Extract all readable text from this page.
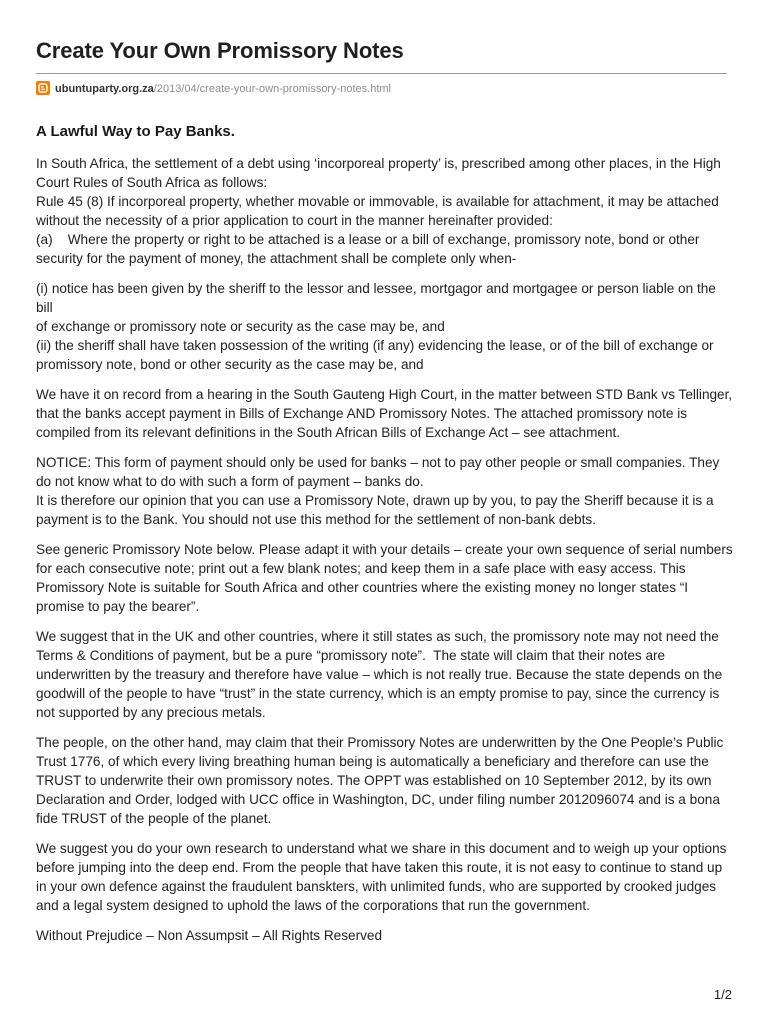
Create Your Own Promissory Notes
ubuntuparty.org.za/2013/04/create-your-own-promissory-notes.html
A Lawful Way to Pay Banks.

In South Africa, the settlement of a debt using ‘incorporeal property’ is, prescribed among other places, in the High
Court Rules of South Africa as follows:
Rule 45 (8) If incorporeal property, whether movable or immovable, is available for attachment, it may be attached
without the necessity of a prior application to court in the manner hereinafter provided:
(a)    Where the property or right to be attached is a lease or a bill of exchange, promissory note, bond or other
security for the payment of money, the attachment shall be complete only when-

(i) notice has been given by the sheriff to the lessor and lessee, mortgagor and mortgagee or person liable on the bill
of exchange or promissory note or security as the case may be, and
(ii) the sheriff shall have taken possession of the writing (if any) evidencing the lease, or of the bill of exchange or
promissory note, bond or other security as the case may be, and

We have it on record from a hearing in the South Gauteng High Court, in the matter between STD Bank vs Tellinger,
that the banks accept payment in Bills of Exchange AND Promissory Notes. The attached promissory note is
compiled from its relevant definitions in the South African Bills of Exchange Act – see attachment.

NOTICE: This form of payment should only be used for banks – not to pay other people or small companies. They
do not know what to do with such a form of payment – banks do.
It is therefore our opinion that you can use a Promissory Note, drawn up by you, to pay the Sheriff because it is a
payment is to the Bank. You should not use this method for the settlement of non-bank debts.

See generic Promissory Note below. Please adapt it with your details – create your own sequence of serial numbers
for each consecutive note; print out a few blank notes; and keep them in a safe place with easy access. This
Promissory Note is suitable for South Africa and other countries where the existing money no longer states “I
promise to pay the bearer”.

We suggest that in the UK and other countries, where it still states as such, the promissory note may not need the
Terms & Conditions of payment, but be a pure “promissory note”.  The state will claim that their notes are
underwritten by the treasury and therefore have value – which is not really true. Because the state depends on the
goodwill of the people to have “trust” in the state currency, which is an empty promise to pay, since the currency is
not supported by any precious metals.

The people, on the other hand, may claim that their Promissory Notes are underwritten by the One People’s Public
Trust 1776, of which every living breathing human being is automatically a beneficiary and therefore can use the
TRUST to underwrite their own promissory notes. The OPPT was established on 10 September 2012, by its own
Declaration and Order, lodged with UCC office in Washington, DC, under filing number 2012096074 and is a bona
fide TRUST of the people of the planet.

We suggest you do your own research to understand what we share in this document and to weigh up your options
before jumping into the deep end. From the people that have taken this route, it is not easy to continue to stand up
in your own defence against the fraudulent banskters, with unlimited funds, who are supported by crooked judges
and a legal system designed to uphold the laws of the corporations that run the government.

Without Prejudice – Non Assumpsit – All Rights Reserved

1/2
